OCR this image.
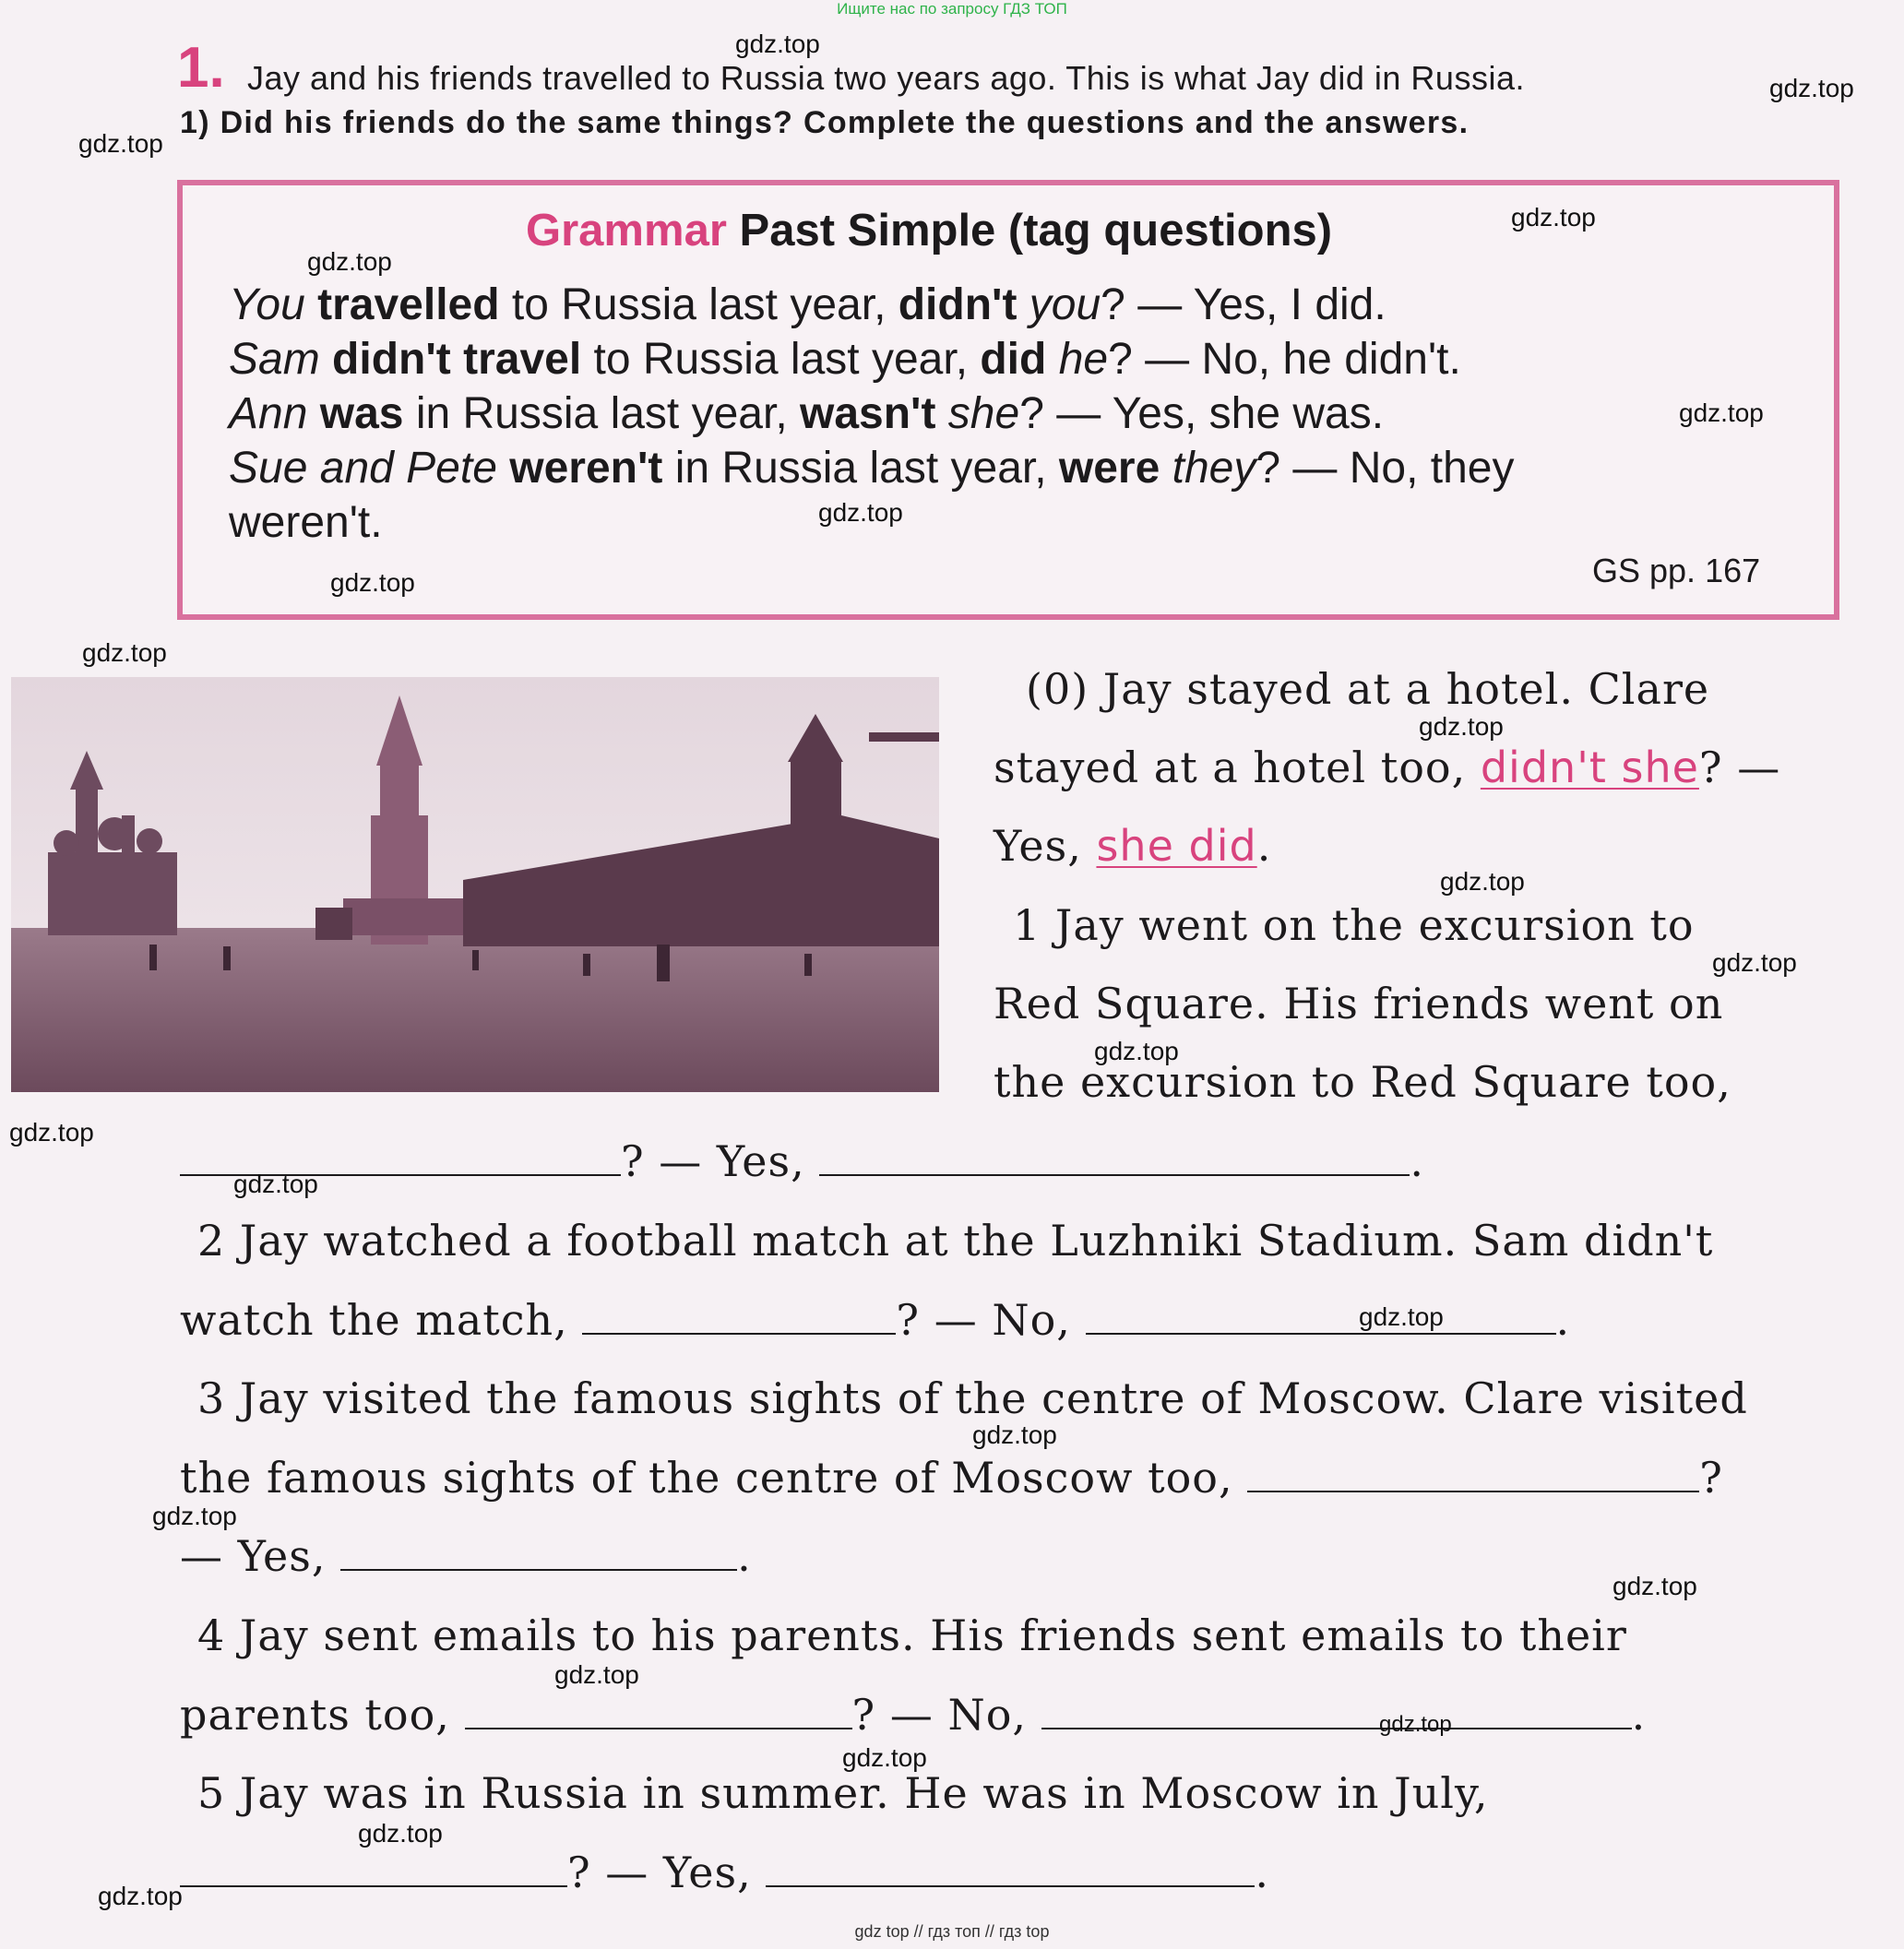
Ищите нас по запросу ГДЗ ТОП
1. Jay and his friends travelled to Russia two years ago. This is what Jay did in Russia.
1) Did his friends do the same things? Complete the questions and the answers.
Grammar Past Simple (tag questions)
You travelled to Russia last year, didn't you? — Yes, I did.
Sam didn't travel to Russia last year, did he? — No, he didn't.
Ann was in Russia last year, wasn't she? — Yes, she was.
Sue and Pete weren't in Russia last year, were they? — No, they
weren't.
GS pp. 167
(0) Jay stayed at a hotel. Clare
stayed at a hotel too, didn't she? —
Yes, she did.
1 Jay went on the excursion to
Red Square. His friends went on
the excursion to Red Square too,
? — Yes,	.
2 Jay watched a football match at the Luzhniki Stadium. Sam didn't
watch the match,	? — No,	.
3 Jay visited the famous sights of the centre of Moscow. Clare visited
the famous sights of the centre of Moscow too,	?
— Yes,	.
4 Jay sent emails to his parents. His friends sent emails to their
parents too,	? — No,	.
5 Jay was in Russia in summer. He was in Moscow in July,
? — Yes,	.
gdz.top
gdz.top
gdz.top
gdz.top
gdz.top
gdz.top
gdz.top
gdz.top
gdz.top
gdz.top
gdz.top
gdz.top
gdz.top
gdz.top
gdz.top
gdz.top
gdz.top
gdz.top
gdz.top
gdz.top
gdz.top
gdz.top
gdz.top
gdz.top
gdz top // гдз топ // гдз top
